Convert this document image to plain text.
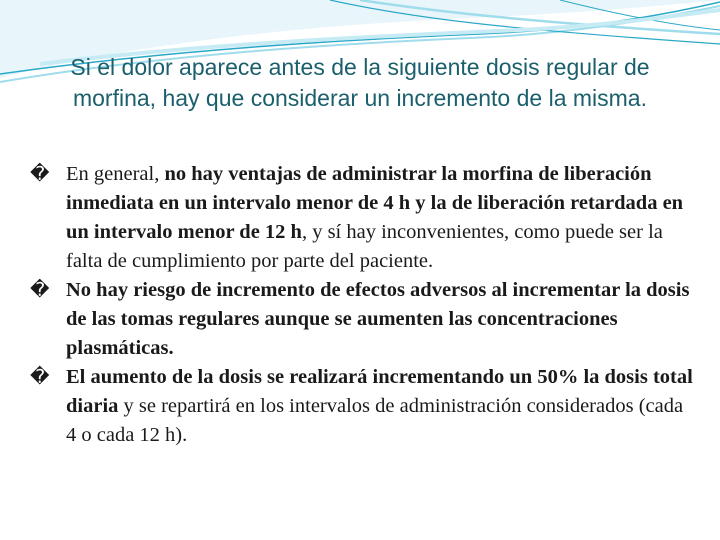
Si el dolor aparece antes de la siguiente dosis regular de morfina, hay que considerar un incremento de la misma.

� En general, no hay ventajas de administrar la morfina de liberación inmediata en un intervalo menor de 4 h y la de liberación retardada en un intervalo menor de 12 h, y sí hay inconvenientes, como puede ser la falta de cumplimiento por parte del paciente.

� No hay riesgo de incremento de efectos adversos al incrementar la dosis de las tomas regulares aunque se aumenten las concentraciones plasmáticas.

� El aumento de la dosis se realizará incrementando un 50% la dosis total diaria y se repartirá en los intervalos de administración considerados (cada 4 o cada 12 h).
